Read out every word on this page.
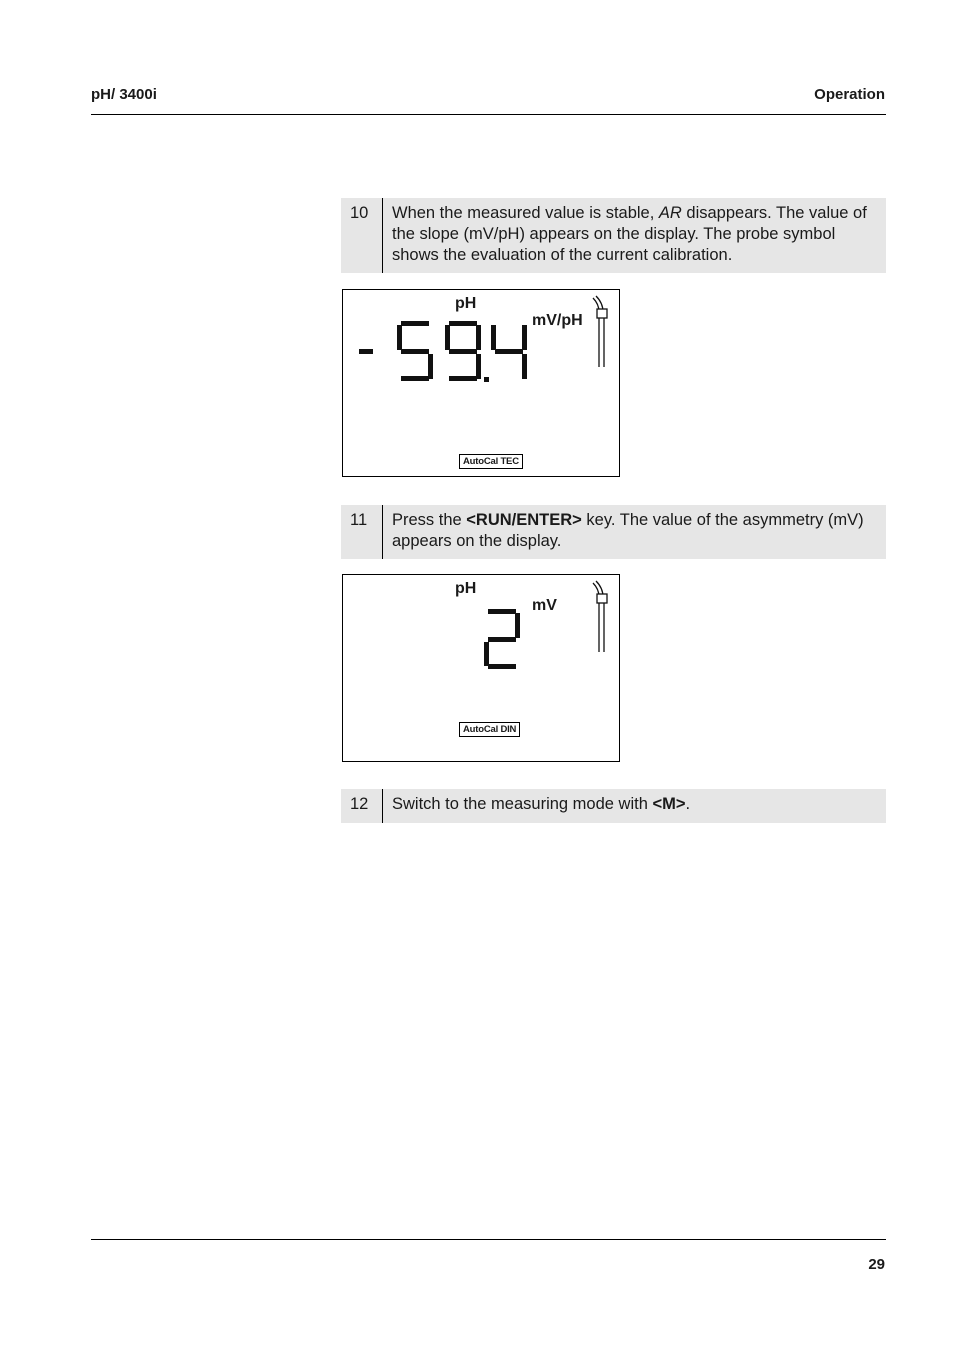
pH/ 3400i	Operation
10	When the measured value is stable, AR disappears. The value of the slope (mV/pH) appears on the display. The probe symbol shows the evaluation of the current calibration.
pH
mV/pH
AutoCal TEC
11	Press the <RUN/ENTER> key. The value of the asymmetry (mV) appears on the display.
pH
mV
AutoCal DIN
12	Switch to the measuring mode with <M>.
29
